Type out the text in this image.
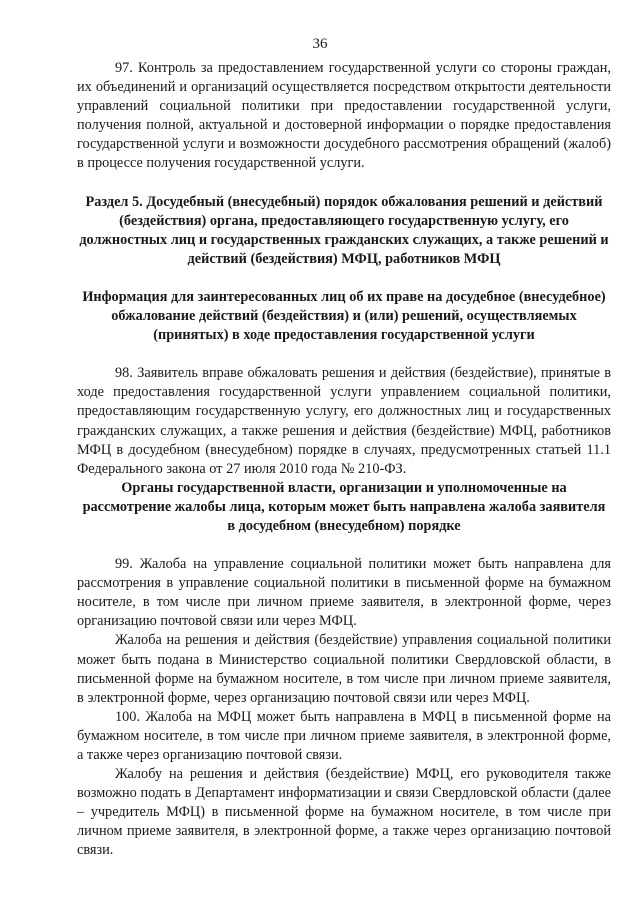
36

97. Контроль за предоставлением государственной услуги со стороны граждан, их объединений и организаций осуществляется посредством открытости деятельности управлений социальной политики при предоставлении государственной услуги, получения полной, актуальной и достоверной информации о порядке предоставления государственной услуги и возможности досудебного рассмотрения обращений (жалоб) в процессе получения государственной услуги.

Раздел 5. Досудебный (внесудебный) порядок обжалования решений и действий (бездействия) органа, предоставляющего государственную услугу, его должностных лиц и государственных гражданских служащих, а также решений и действий (бездействия) МФЦ, работников МФЦ

Информация для заинтересованных лиц об их праве на досудебное (внесудебное) обжалование действий (бездействия) и (или) решений, осуществляемых (принятых) в ходе предоставления государственной услуги

98. Заявитель вправе обжаловать решения и действия (бездействие), принятые в ходе предоставления государственной услуги управлением социальной политики, предоставляющим государственную услугу, его должностных лиц и государственных гражданских служащих, а также решения и действия (бездействие) МФЦ, работников МФЦ в досудебном (внесудебном) порядке в случаях, предусмотренных статьей 11.1 Федерального закона от 27 июля 2010 года № 210-ФЗ.

Органы государственной власти, организации и уполномоченные на рассмотрение жалобы лица, которым может быть направлена жалоба заявителя в досудебном (внесудебном) порядке

99. Жалоба на управление социальной политики может быть направлена для рассмотрения в управление социальной политики в письменной форме на бумажном носителе, в том числе при личном приеме заявителя, в электронной форме, через организацию почтовой связи или через МФЦ.

Жалоба на решения и действия (бездействие) управления социальной политики может быть подана в Министерство социальной политики Свердловской области, в письменной форме на бумажном носителе, в том числе при личном приеме заявителя, в электронной форме, через организацию почтовой связи или через МФЦ.

100. Жалоба на МФЦ может быть направлена в МФЦ в письменной форме на бумажном носителе, в том числе при личном приеме заявителя, в электронной форме, а также через организацию почтовой связи.

Жалобу на решения и действия (бездействие) МФЦ, его руководителя также возможно подать в Департамент информатизации и связи Свердловской области (далее – учредитель МФЦ) в письменной форме на бумажном носителе, в том числе при личном приеме заявителя, в электронной форме, а также через организацию почтовой связи.
